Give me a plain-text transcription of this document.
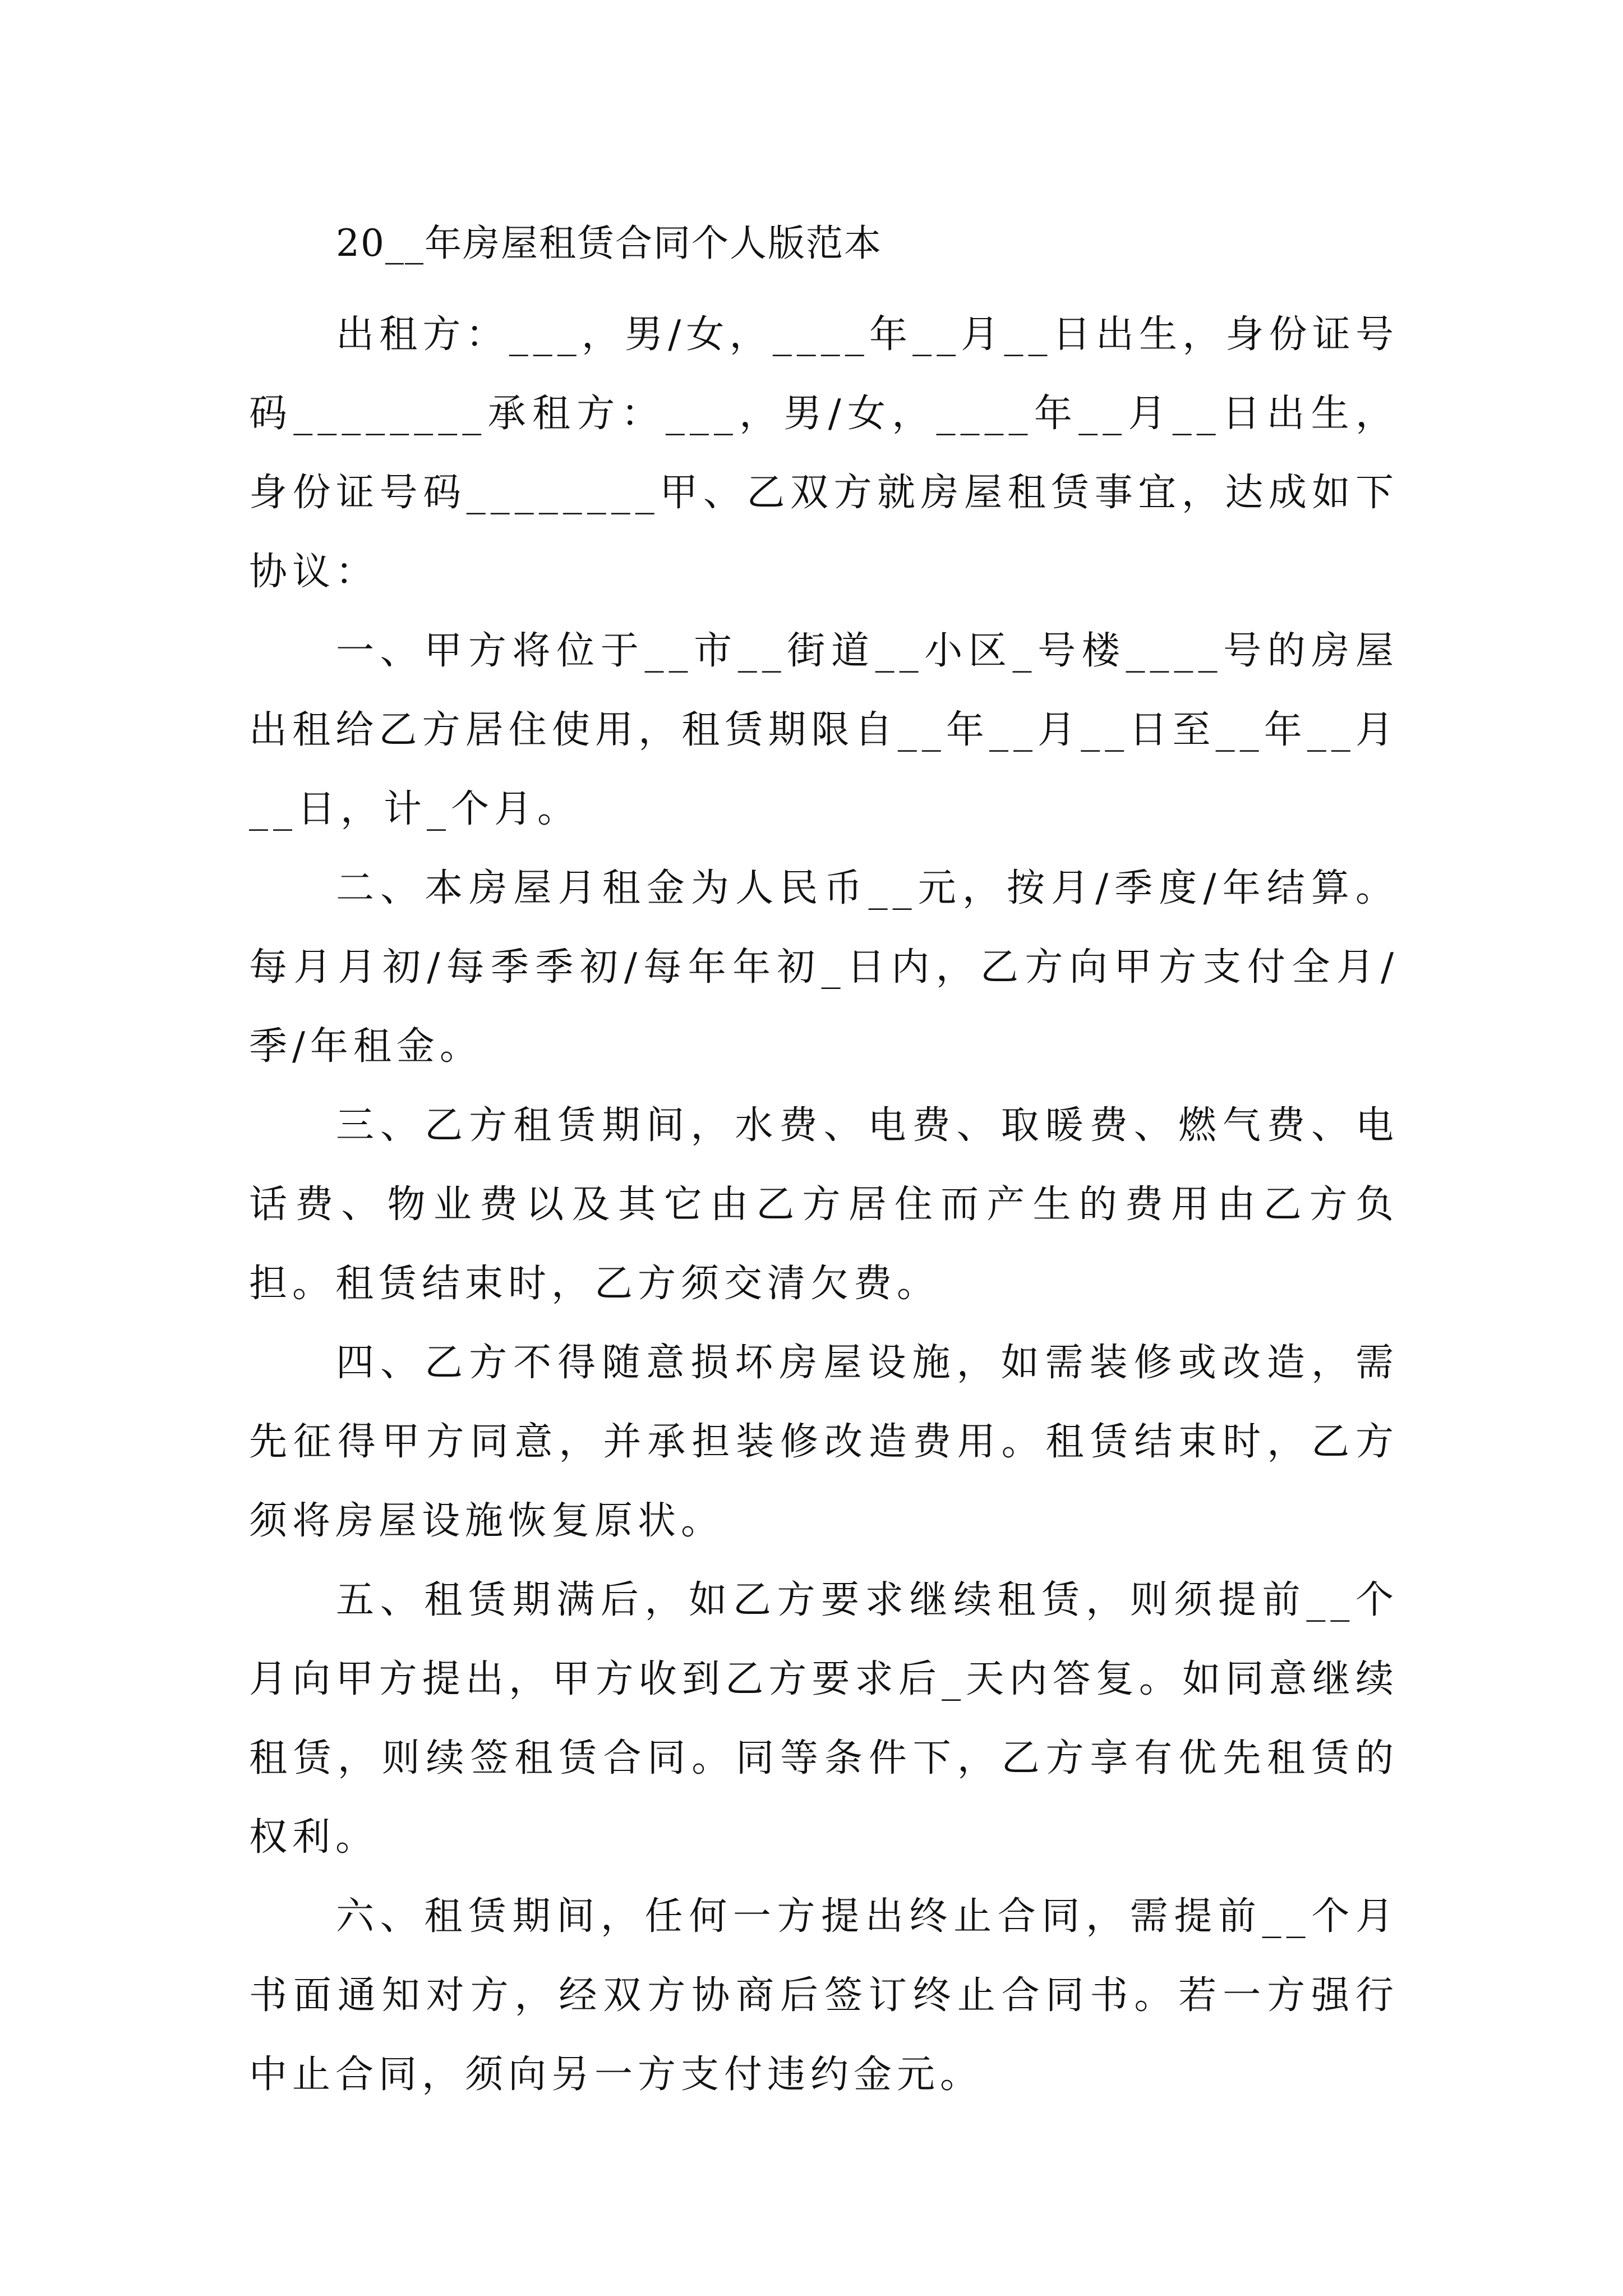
20__年房屋租赁合同个人版范本

出租方：___，男/女，____年__月__日出生，身份证号码________承租方：___，男/女，____年__月__日出生，身份证号码________甲、乙双方就房屋租赁事宜，达成如下协议：

一、甲方将位于__市__街道__小区_号楼____号的房屋出租给乙方居住使用，租赁期限自__年__月__日至__年__月__日，计_个月。

二、本房屋月租金为人民币__元，按月/季度/年结算。每月月初/每季季初/每年年初_日内，乙方向甲方支付全月/季/年租金。

三、乙方租赁期间，水费、电费、取暖费、燃气费、电话费、物业费以及其它由乙方居住而产生的费用由乙方负担。租赁结束时，乙方须交清欠费。

四、乙方不得随意损坏房屋设施，如需装修或改造，需先征得甲方同意，并承担装修改造费用。租赁结束时，乙方须将房屋设施恢复原状。

五、租赁期满后，如乙方要求继续租赁，则须提前__个月向甲方提出，甲方收到乙方要求后_天内答复。如同意继续租赁，则续签租赁合同。同等条件下，乙方享有优先租赁的权利。

六、租赁期间，任何一方提出终止合同，需提前__个月书面通知对方，经双方协商后签订终止合同书。若一方强行中止合同，须向另一方支付违约金元。
